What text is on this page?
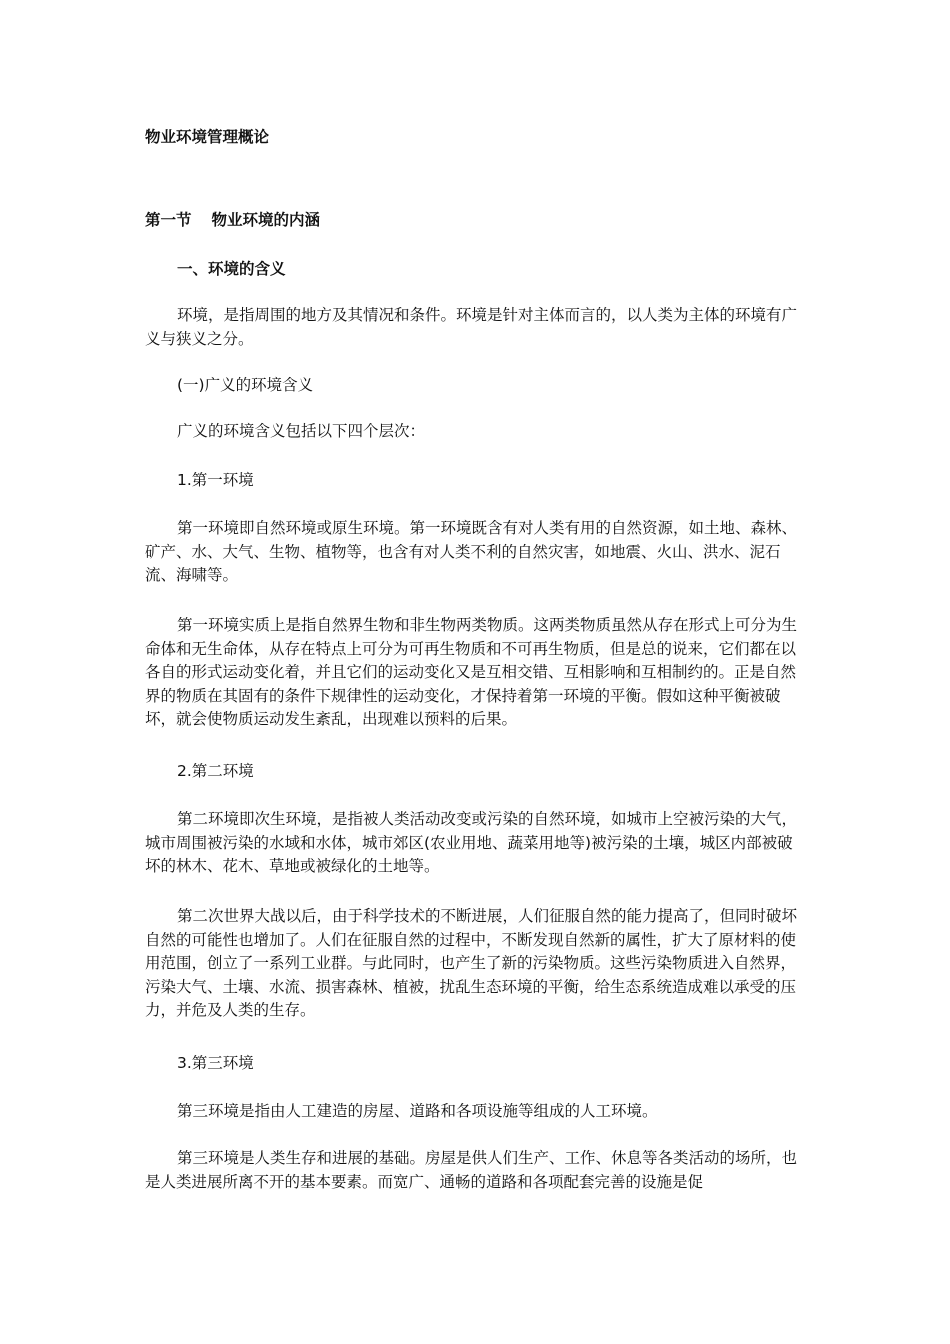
物业环境管理概论

第一节 物业环境的内涵

一、环境的含义

环境，是指周围的地方及其情况和条件。环境是针对主体而言的，以人类为主体的环境有广义与狭义之分。

(一)广义的环境含义

广义的环境含义包括以下四个层次：

1.第一环境

第一环境即自然环境或原生环境。第一环境既含有对人类有用的自然资源，如土地、森林、矿产、水、大气、生物、植物等，也含有对人类不利的自然灾害，如地震、火山、洪水、泥石流、海啸等。

第一环境实质上是指自然界生物和非生物两类物质。这两类物质虽然从存在形式上可分为生命体和无生命体，从存在特点上可分为可再生物质和不可再生物质，但是总的说来，它们都在以各自的形式运动变化着，并且它们的运动变化又是互相交错、互相影响和互相制约的。正是自然界的物质在其固有的条件下规律性的运动变化，才保持着第一环境的平衡。假如这种平衡被破坏，就会使物质运动发生紊乱，出现难以预料的后果。

2.第二环境

第二环境即次生环境，是指被人类活动改变或污染的自然环境，如城市上空被污染的大气，城市周围被污染的水域和水体，城市郊区(农业用地、蔬菜用地等)被污染的土壤，城区内部被破坏的林木、花木、草地或被绿化的土地等。

第二次世界大战以后，由于科学技术的不断进展，人们征服自然的能力提高了，但同时破坏自然的可能性也增加了。人们在征服自然的过程中，不断发现自然新的属性，扩大了原材料的使用范围，创立了一系列工业群。与此同时，也产生了新的污染物质。这些污染物质进入自然界，污染大气、土壤、水流、损害森林、植被，扰乱生态环境的平衡，给生态系统造成难以承受的压力，并危及人类的生存。

3.第三环境

第三环境是指由人工建造的房屋、道路和各项设施等组成的人工环境。

第三环境是人类生存和进展的基础。房屋是供人们生产、工作、休息等各类活动的场所，也是人类进展所离不开的基本要素。而宽广、通畅的道路和各项配套完善的设施是促
